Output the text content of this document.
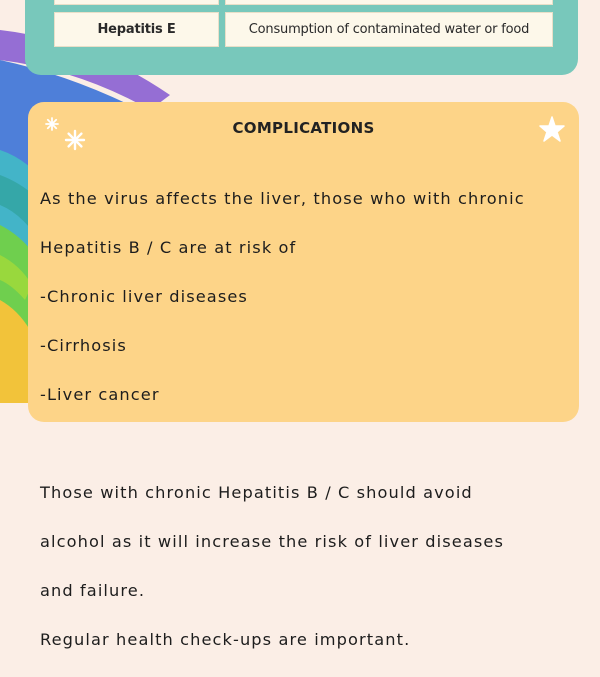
Hepatitis E	Consumption of contaminated water or food
COMPLICATIONS

As the virus affects the liver, those who with chronic

Hepatitis B / C are at risk of

-Chronic liver diseases

-Cirrhosis

-Liver cancer

Those with chronic Hepatitis B / C should avoid

alcohol as it will increase the risk of liver diseases

and failure.

Regular health check-ups are important.
